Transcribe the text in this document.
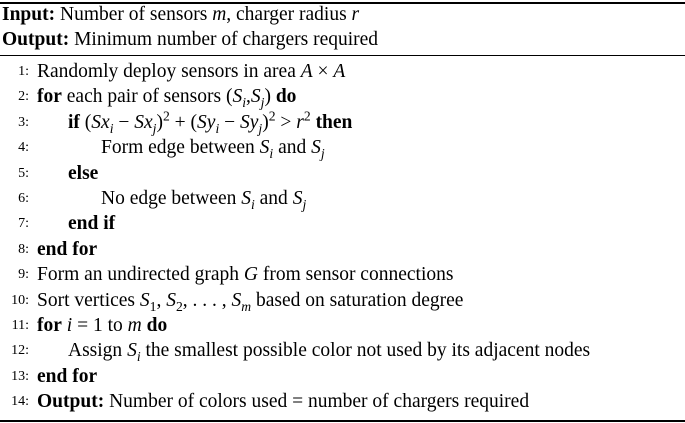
Input: Number of sensors m, charger radius r
Output: Minimum number of chargers required
1: Randomly deploy sensors in area A × A
2: for each pair of sensors $(S_i,S_j)$ do
3: if $(Sx_i - Sx_j)^2 + (Sy_i - Sy_j)^2 > r^2$ then
4:	Form edge between $S_i$ and $S_j$
5: else
6:	No edge between $S_i$ and $S_j$
7: end if
8: end for
9: Form an undirected graph G from sensor connections
10: Sort vertices $S_1$, $S_2$, . . . , $S_m$ based on saturation degree
11: for i = 1 to m do
12: Assign $S_i$ the smallest possible color not used by its adjacent nodes
13: end for
14: Output: Number of colors used = number of chargers required
